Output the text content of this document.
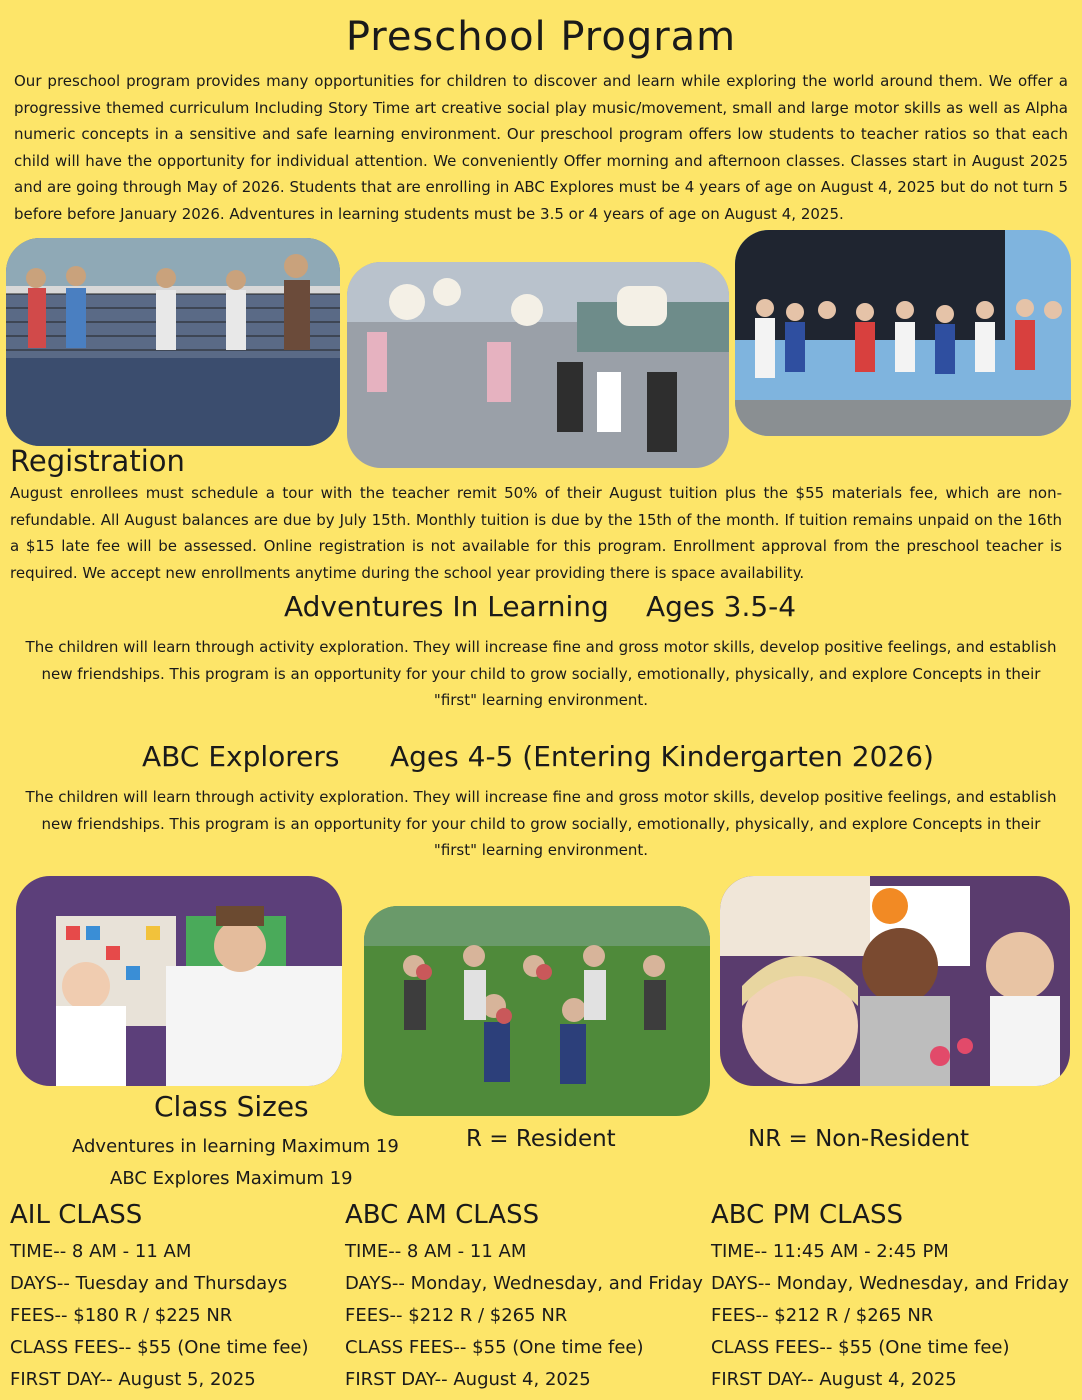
Preschool Program
Our preschool program provides many opportunities for children to discover and learn while exploring the world around them. We offer a progressive themed curriculum Including Story Time art creative social play music/movement, small and large motor skills as well as Alpha numeric concepts in a sensitive and safe learning environment. Our preschool program offers low students to teacher ratios so that each child will have the opportunity for individual attention. We conveniently Offer morning and afternoon classes. Classes start in August 2025 and are going through May of 2026. Students that are enrolling in ABC Explores must be 4 years of age on August 4, 2025 but do not turn 5 before before January 2026. Adventures in learning students must be 3.5 or 4 years of age on August 4, 2025.
Registration
August enrollees must schedule a tour with the teacher remit 50% of their August tuition plus the $55 materials fee, which are non-refundable. All August balances are due by July 15th. Monthly tuition is due by the 15th of the month. If tuition remains unpaid on the 16th a $15 late fee will be assessed. Online registration is not available for this program. Enrollment approval from the preschool teacher is required. We accept new enrollments anytime during the school year providing there is space availability.
Adventures In Learning Ages 3.5-4
The children will learn through activity exploration. They will increase fine and gross motor skills, develop positive feelings, and establish new friendships. This program is an opportunity for your child to grow socially, emotionally, physically, and explore Concepts in their "first" learning environment.
ABC Explorers Ages 4-5 (Entering Kindergarten 2026)
The children will learn through activity exploration. They will increase fine and gross motor skills, develop positive feelings, and establish new friendships. This program is an opportunity for your child to grow socially, emotionally, physically, and explore Concepts in their "first" learning environment.
Class Sizes
Adventures in learning Maximum 19
ABC Explores Maximum 19
R = Resident	NR = Non-Resident
AIL CLASS
TIME-- 8 AM - 11 AM
DAYS-- Tuesday and Thursdays
FEES-- $180 R / $225 NR
CLASS FEES-- $55 (One time fee)
FIRST DAY-- August 5, 2025
ABC AM CLASS
TIME-- 8 AM - 11 AM
DAYS-- Monday, Wednesday, and Friday
FEES-- $212 R / $265 NR
CLASS FEES-- $55 (One time fee)
FIRST DAY-- August 4, 2025
ABC PM CLASS
TIME-- 11:45 AM - 2:45 PM
DAYS-- Monday, Wednesday, and Friday
FEES-- $212 R / $265 NR
CLASS FEES-- $55 (One time fee)
FIRST DAY-- August 4, 2025
